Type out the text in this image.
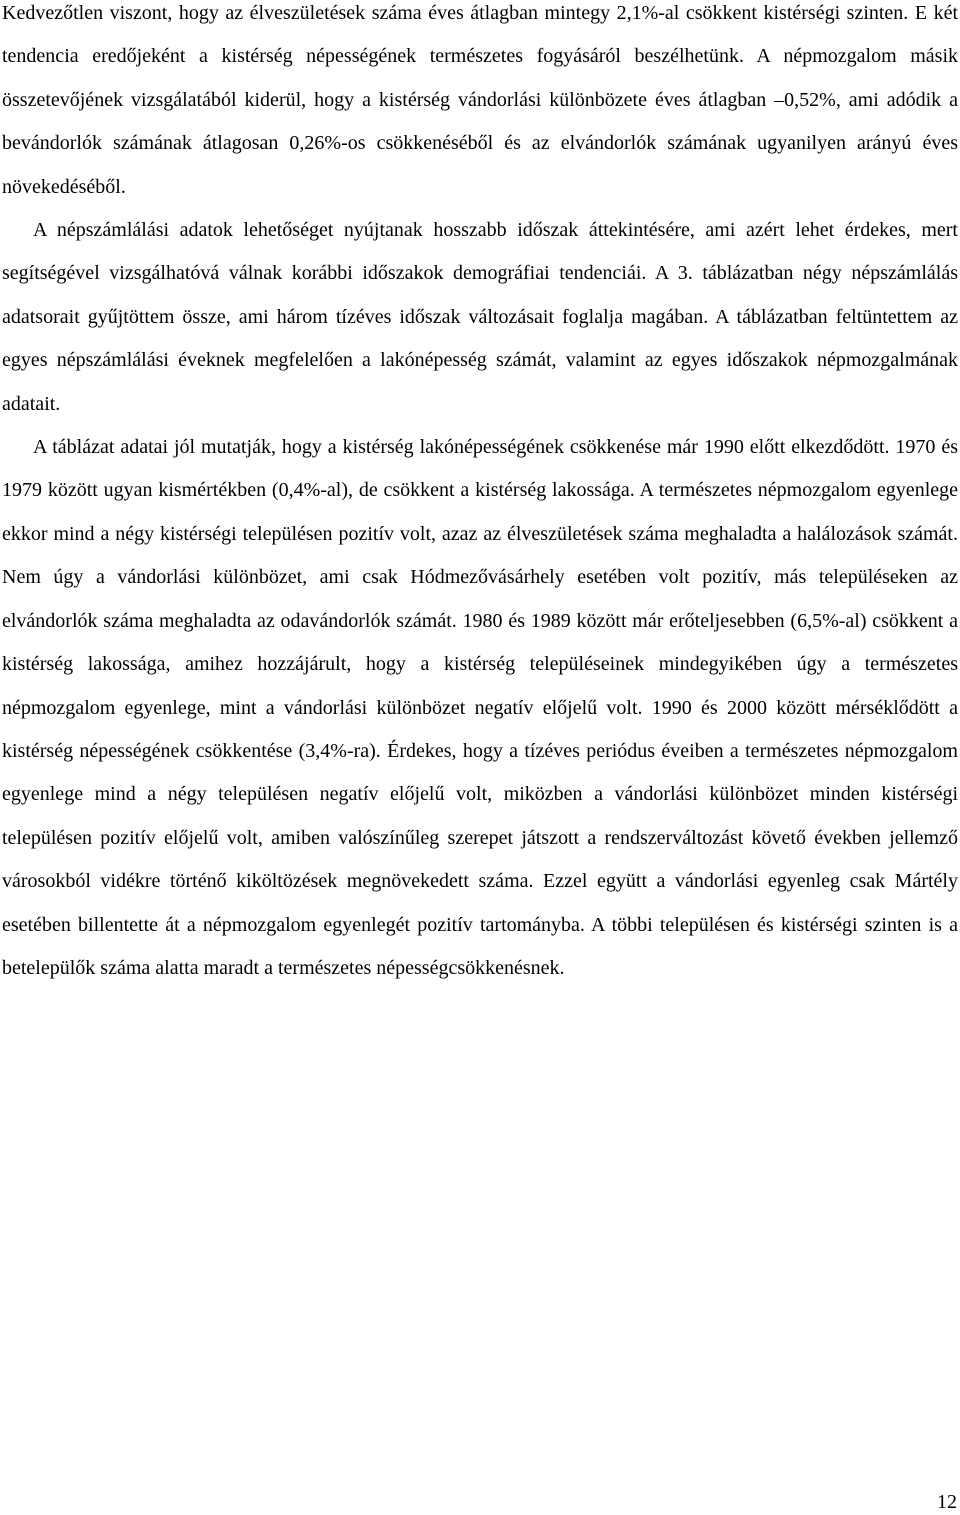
Kedvezőtlen viszont, hogy az élveszületések száma éves átlagban mintegy 2,1%-al csökkent kistérségi szinten. E két tendencia eredőjeként a kistérség népességének természetes fogyásáról beszélhetünk. A népmozgalom másik összetevőjének vizsgálatából kiderül, hogy a kistérség vándorlási különbözete éves átlagban –0,52%, ami adódik a bevándorlók számának átlagosan 0,26%-os csökkenéséből és az elvándorlók számának ugyanilyen arányú éves növekedéséből.

A népszámlálási adatok lehetőséget nyújtanak hosszabb időszak áttekintésére, ami azért lehet érdekes, mert segítségével vizsgálhatóvá válnak korábbi időszakok demográfiai tendenciái. A 3. táblázatban négy népszámlálás adatsorait gyűjtöttem össze, ami három tízéves időszak változásait foglalja magában. A táblázatban feltüntettem az egyes népszámlálási éveknek megfelelően a lakónépesség számát, valamint az egyes időszakok népmozgalmának adatait.

A táblázat adatai jól mutatják, hogy a kistérség lakónépességének csökkenése már 1990 előtt elkezdődött. 1970 és 1979 között ugyan kismértékben (0,4%-al), de csökkent a kistérség lakossága. A természetes népmozgalom egyenlege ekkor mind a négy kistérségi településen pozitív volt, azaz az élveszületések száma meghaladta a halálozások számát. Nem úgy a vándorlási különbözet, ami csak Hódmezővásárhely esetében volt pozitív, más településeken az elvándorlók száma meghaladta az odavándorlók számát. 1980 és 1989 között már erőteljesebben (6,5%-al) csökkent a kistérség lakossága, amihez hozzájárult, hogy a kistérség településeinek mindegyikében úgy a természetes népmozgalom egyenlege, mint a vándorlási különbözet negatív előjelű volt. 1990 és 2000 között mérséklődött a kistérség népességének csökkentése (3,4%-ra). Érdekes, hogy a tízéves periódus éveiben a természetes népmozgalom egyenlege mind a négy településen negatív előjelű volt, miközben a vándorlási különbözet minden kistérségi településen pozitív előjelű volt, amiben valószínűleg szerepet játszott a rendszerváltozást követő években jellemző városokból vidékre történő kiköltözések megnövekedett száma. Ezzel együtt a vándorlási egyenleg csak Mártély esetében billentette át a népmozgalom egyenlegét pozitív tartományba. A többi településen és kistérségi szinten is a betelepülők száma alatta maradt a természetes népességcsökkenésnek.

12
